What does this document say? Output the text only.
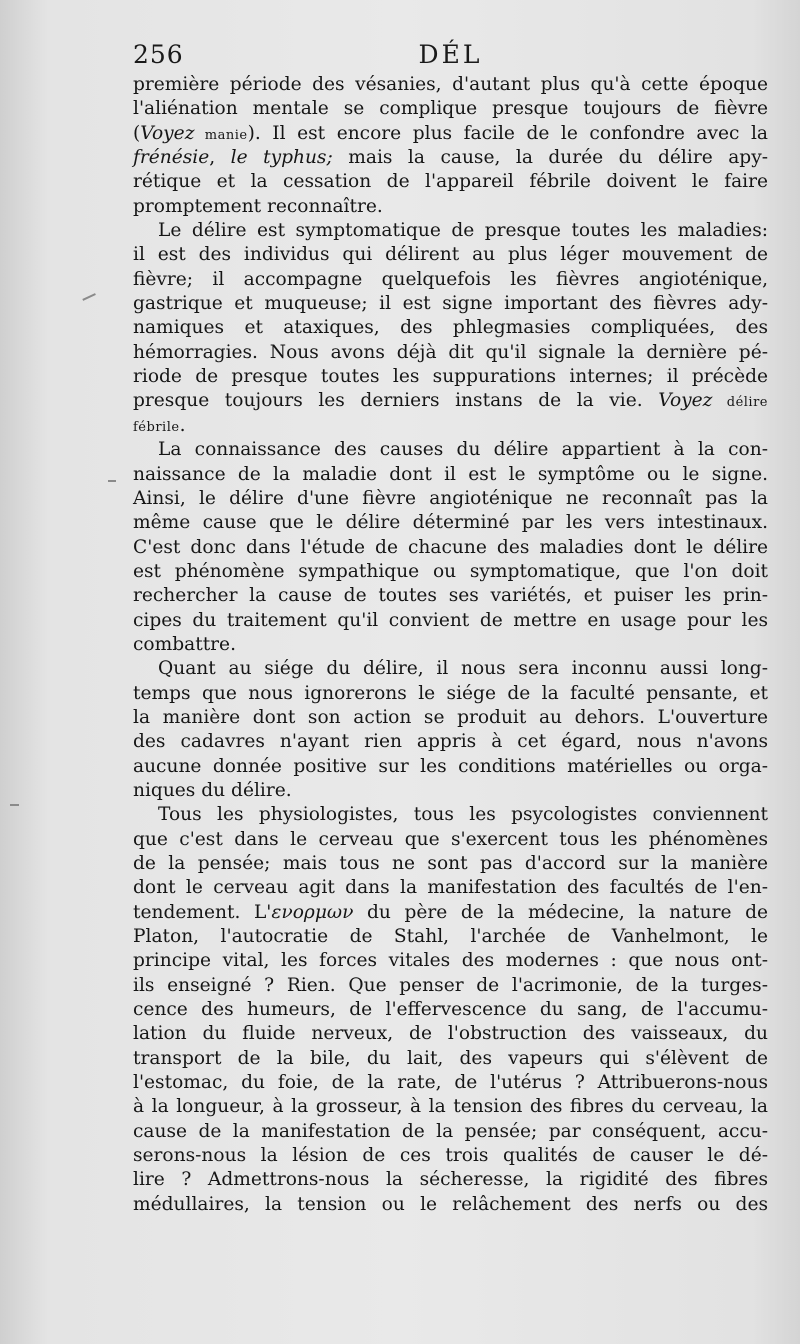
256	DÉL
première période des vésanies, d'autant plus qu'à cette époque
l'aliénation mentale se complique presque toujours de fièvre
(Voyez manie). Il est encore plus facile de le confondre avec la
frénésie, le typhus; mais la cause, la durée du délire apy-
rétique et la cessation de l'appareil fébrile doivent le faire
promptement reconnaître.
Le délire est symptomatique de presque toutes les maladies:
il est des individus qui délirent au plus léger mouvement de
fièvre; il accompagne quelquefois les fièvres angioténique,
gastrique et muqueuse; il est signe important des fièvres ady-
namiques et ataxiques, des phlegmasies compliquées, des
hémorragies. Nous avons déjà dit qu'il signale la dernière pé-
riode de presque toutes les suppurations internes; il précède
presque toujours les derniers instans de la vie. Voyez délire
fébrile.
La connaissance des causes du délire appartient à la con-
naissance de la maladie dont il est le symptôme ou le signe.
Ainsi, le délire d'une fièvre angioténique ne reconnaît pas la
même cause que le délire déterminé par les vers intestinaux.
C'est donc dans l'étude de chacune des maladies dont le délire
est phénomène sympathique ou symptomatique, que l'on doit
rechercher la cause de toutes ses variétés, et puiser les prin-
cipes du traitement qu'il convient de mettre en usage pour les
combattre.
Quant au siége du délire, il nous sera inconnu aussi long-
temps que nous ignorerons le siége de la faculté pensante, et
la manière dont son action se produit au dehors. L'ouverture
des cadavres n'ayant rien appris à cet égard, nous n'avons
aucune donnée positive sur les conditions matérielles ou orga-
niques du délire.
Tous les physiologistes, tous les psycologistes conviennent
que c'est dans le cerveau que s'exercent tous les phénomènes
de la pensée; mais tous ne sont pas d'accord sur la manière
dont le cerveau agit dans la manifestation des facultés de l'en-
tendement. L'ενορμων du père de la médecine, la nature de
Platon, l'autocratie de Stahl, l'archée de Vanhelmont, le
principe vital, les forces vitales des modernes : que nous ont-
ils enseigné ? Rien. Que penser de l'acrimonie, de la turges-
cence des humeurs, de l'effervescence du sang, de l'accumu-
lation du fluide nerveux, de l'obstruction des vaisseaux, du
transport de la bile, du lait, des vapeurs qui s'élèvent de
l'estomac, du foie, de la rate, de l'utérus ? Attribuerons-nous
à la longueur, à la grosseur, à la tension des fibres du cerveau, la
cause de la manifestation de la pensée; par conséquent, accu-
serons-nous la lésion de ces trois qualités de causer le dé-
lire ? Admettrons-nous la sécheresse, la rigidité des fibres
médullaires, la tension ou le relâchement des nerfs ou des
